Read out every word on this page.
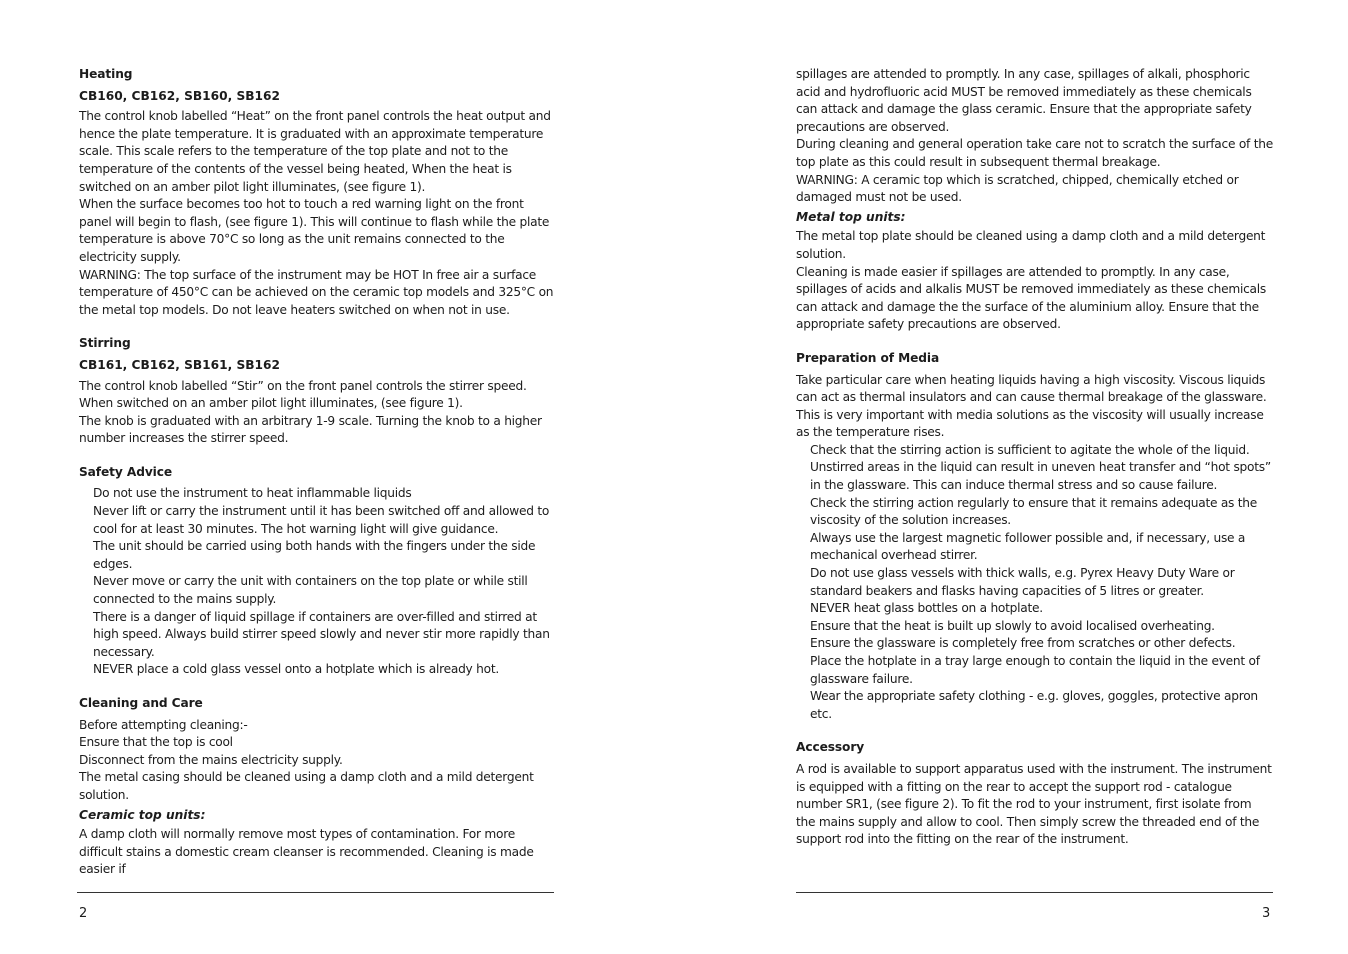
Heating
CB160, CB162, SB160, SB162

The control knob labelled “Heat” on the front panel controls the heat output and hence the plate temperature. It is graduated with an approximate temperature scale. This scale refers to the temperature of the top plate and not to the temperature of the contents of the vessel being heated, When the heat is switched on an amber pilot light illuminates, (see figure 1).

When the surface becomes too hot to touch a red warning light on the front panel will begin to flash, (see figure 1). This will continue to flash while the plate temperature is above 70°C so long as the unit remains connected to the electricity supply.

WARNING: The top surface of the instrument may be HOT In free air a surface temperature of 450°C can be achieved on the ceramic top models and 325°C on the metal top models. Do not leave heaters switched on when not in use.

Stirring
CB161, CB162, SB161, SB162

The control knob labelled “Stir” on the front panel controls the stirrer speed. When switched on an amber pilot light illuminates, (see figure 1).

The knob is graduated with an arbitrary 1-9 scale. Turning the knob to a higher number increases the stirrer speed.

Safety Advice
Do not use the instrument to heat inflammable liquids
Never lift or carry the instrument until it has been switched off and allowed to cool for at least 30 minutes. The hot warning light will give guidance.
The unit should be carried using both hands with the fingers under the side edges.
Never move or carry the unit with containers on the top plate or while still connected to the mains supply.
There is a danger of liquid spillage if containers are over-filled and stirred at high speed. Always build stirrer speed slowly and never stir more rapidly than necessary.
NEVER place a cold glass vessel onto a hotplate which is already hot.
Cleaning and Care

Before attempting cleaning:-

Ensure that the top is cool

Disconnect from the mains electricity supply.

The metal casing should be cleaned using a damp cloth and a mild detergent solution.

Ceramic top units:

A damp cloth will normally remove most types of contamination. For more difficult stains a domestic cream cleanser is recommended. Cleaning is made easier if

spillages are attended to promptly. In any case, spillages of alkali, phosphoric acid and hydrofluoric acid MUST be removed immediately as these chemicals can attack and damage the glass ceramic. Ensure that the appropriate safety precautions are observed.

During cleaning and general operation take care not to scratch the surface of the top plate as this could result in subsequent thermal breakage.

WARNING: A ceramic top which is scratched, chipped, chemically etched or damaged must not be used.

Metal top units:

The metal top plate should be cleaned using a damp cloth and a mild detergent solution.

Cleaning is made easier if spillages are attended to promptly. In any case, spillages of acids and alkalis MUST be removed immediately as these chemicals can attack and damage the the surface of the aluminium alloy. Ensure that the appropriate safety precautions are observed.

Preparation of Media

Take particular care when heating liquids having a high viscosity. Viscous liquids can act as thermal insulators and can cause thermal breakage of the glassware. This is very important with media solutions as the viscosity will usually increase as the temperature rises.

Check that the stirring action is sufficient to agitate the whole of the liquid. Unstirred areas in the liquid can result in uneven heat transfer and “hot spots” in the glassware. This can induce thermal stress and so cause failure.
Check the stirring action regularly to ensure that it remains adequate as the viscosity of the solution increases.
Always use the largest magnetic follower possible and, if necessary, use a mechanical overhead stirrer.
Do not use glass vessels with thick walls, e.g. Pyrex Heavy Duty Ware or standard beakers and flasks having capacities of 5 litres or greater.
NEVER heat glass bottles on a hotplate.
Ensure that the heat is built up slowly to avoid localised overheating.
Ensure the glassware is completely free from scratches or other defects.
Place the hotplate in a tray large enough to contain the liquid in the event of glassware failure.
Wear the appropriate safety clothing - e.g. gloves, goggles, protective apron etc.
Accessory

A rod is available to support apparatus used with the instrument. The instrument is equipped with a fitting on the rear to accept the support rod - catalogue number SR1, (see figure 2). To fit the rod to your instrument, first isolate from the mains supply and allow to cool. Then simply screw the threaded end of the support rod into the fitting on the rear of the instrument.

2	3
